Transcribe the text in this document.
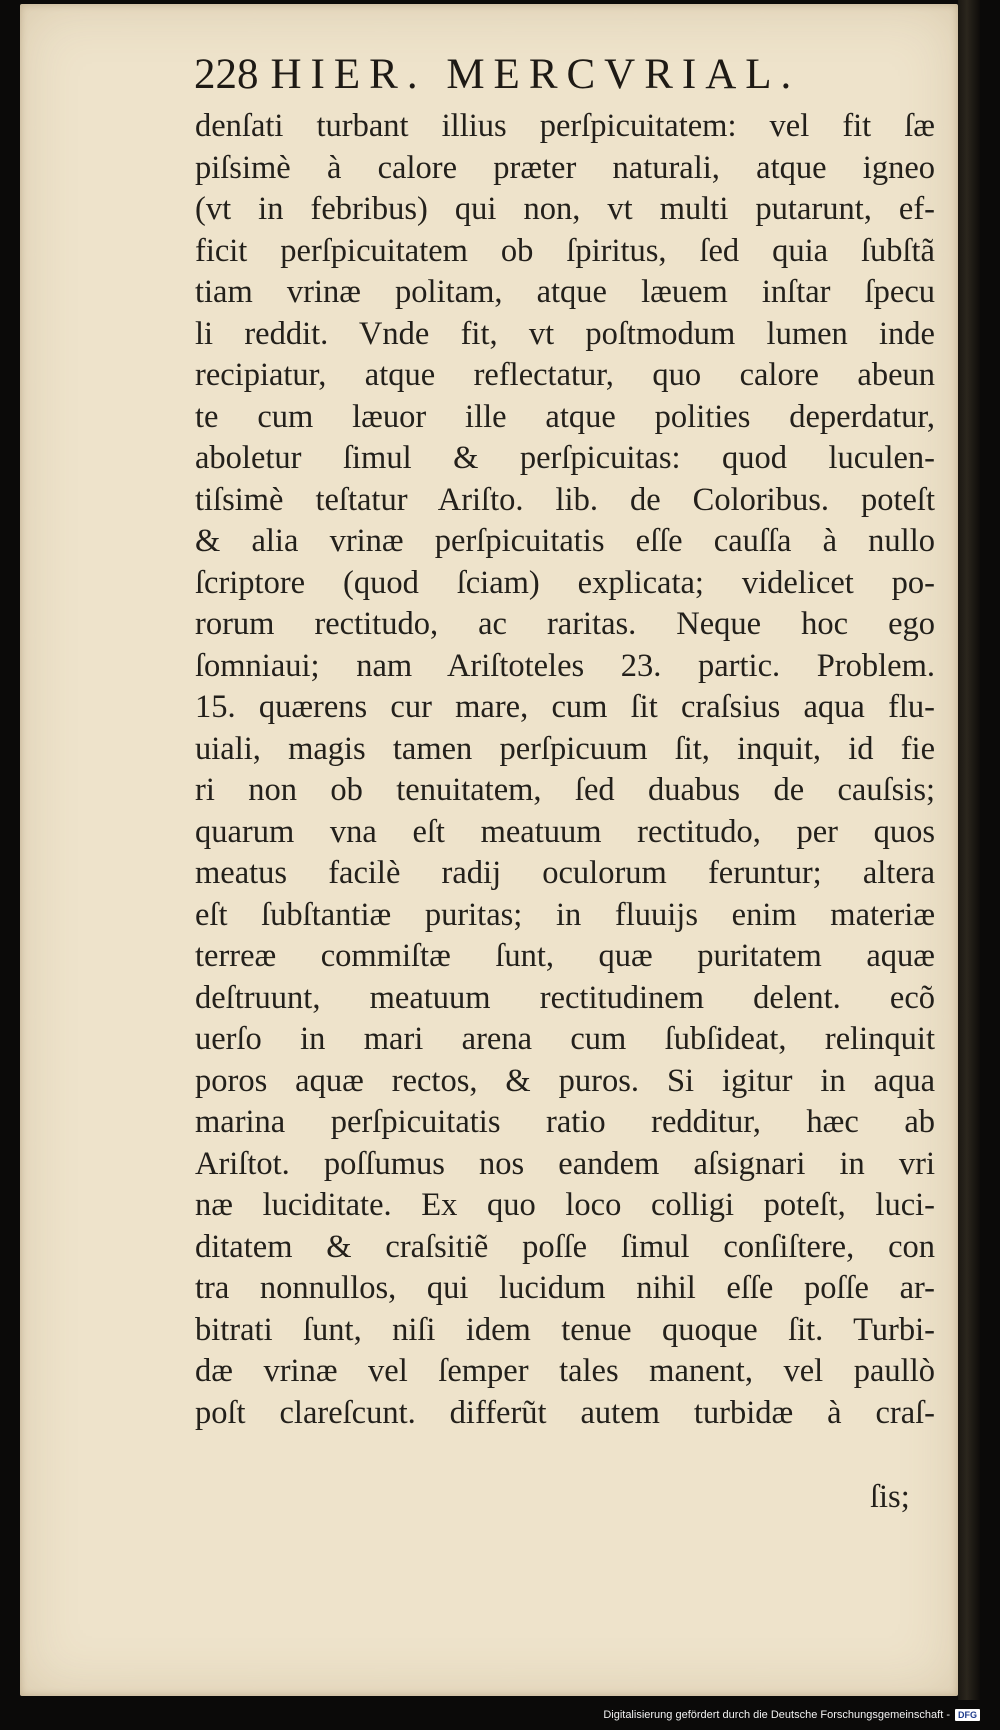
228 HIER. MERCVRIAL.
denſati turbant illius perſpicuitatem: vel fit ſæ
piſsimè à calore præter naturali, atque igneo
(vt in febribus) qui non, vt multi putarunt, ef-
ficit perſpicuitatem ob ſpiritus, ſed quia ſubſtã
tiam vrinæ politam, atque læuem inſtar ſpecu
li reddit. Vnde fit, vt poſtmodum lumen inde
recipiatur, atque reflectatur, quo calore abeun
te cum læuor ille atque polities deperdatur,
aboletur ſimul & perſpicuitas: quod luculen-
tiſsimè teſtatur Ariſto. lib. de Coloribus. poteſt
& alia vrinæ perſpicuitatis eſſe cauſſa à nullo
ſcriptore (quod ſciam) explicata; videlicet po-
rorum rectitudo, ac raritas. Neque hoc ego
ſomniaui; nam Ariſtoteles 23. partic. Problem.
15. quærens cur mare, cum ſit craſsius aqua flu-
uiali, magis tamen perſpicuum ſit, inquit, id fie
ri non ob tenuitatem, ſed duabus de cauſsis;
quarum vna eſt meatuum rectitudo, per quos
meatus facilè radij oculorum feruntur; altera
eſt ſubſtantiæ puritas; in fluuijs enim materiæ
terreæ commiſtæ ſunt, quæ puritatem aquæ
deſtruunt, meatuum rectitudinem delent. ecõ
uerſo in mari arena cum ſubſideat, relinquit
poros aquæ rectos, & puros. Si igitur in aqua
marina perſpicuitatis ratio redditur, hæc ab
Ariſtot. poſſumus nos eandem aſsignari in vri
næ luciditate. Ex quo loco colligi poteſt, luci-
ditatem & craſsitiẽ poſſe ſimul conſiſtere, con
tra nonnullos, qui lucidum nihil eſſe poſſe ar-
bitrati ſunt, niſi idem tenue quoque ſit. Turbi-
dæ vrinæ vel ſemper tales manent, vel paullò
poſt clareſcunt. differũt autem turbidæ à craſ-
ſis;
Digitalisierung gefördert durch die Deutsche Forschungsgemeinschaft - DFG
